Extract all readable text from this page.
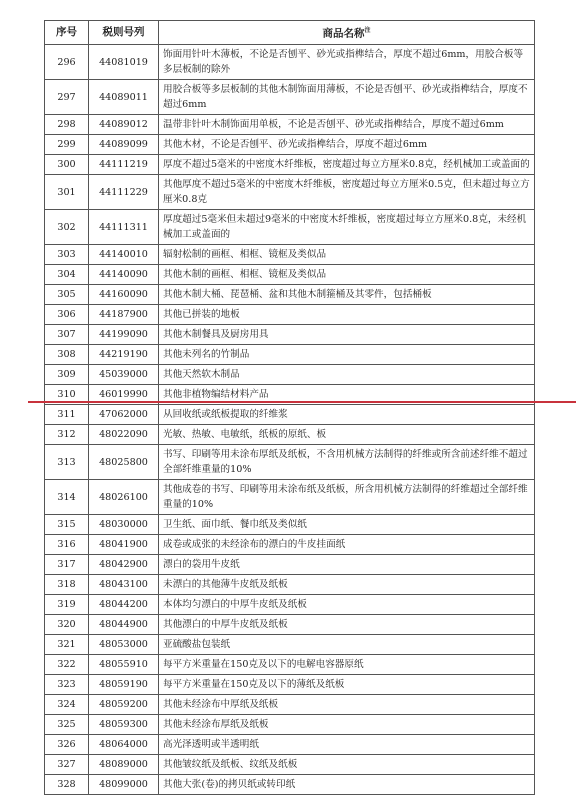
序号	税则号列	商品名称$^注$
296	44081019	饰面用针叶木薄板，不论是否刨平、砂光或指榫结合，厚度不超过6mm，用胶合板等多层板制的除外
297	44089011	用胶合板等多层板制的其他木制饰面用薄板，不论是否刨平、砂光或指榫结合，厚度不超过6mm
298	44089012	温带非针叶木制饰面用单板，不论是否刨平、砂光或指榫结合，厚度不超过6mm
299	44089099	其他木材，不论是否刨平、砂光或指榫结合，厚度不超过6mm
300	44111219	厚度不超过5毫米的中密度木纤维板，密度超过每立方厘米0.8克，经机械加工或盖面的
301	44111229	其他厚度不超过5毫米的中密度木纤维板，密度超过每立方厘米0.5克，但未超过每立方厘米0.8克
302	44111311	厚度超过5毫米但未超过9毫米的中密度木纤维板，密度超过每立方厘米0.8克，未经机械加工或盖面的
303	44140010	辐射松制的画框、相框、镜框及类似品
304	44140090	其他木制的画框、相框、镜框及类似品
305	44160090	其他木制大桶、琵琶桶、盆和其他木制箍桶及其零件，包括桶板
306	44187900	其他已拼装的地板
307	44199090	其他木制餐具及厨房用具
308	44219190	其他未列名的竹制品
309	45039000	其他天然软木制品
310	46019990	其他非植物编结材料产品
311	47062000	从回收纸或纸板提取的纤维浆
312	48022090	光敏、热敏、电敏纸，纸板的原纸、板
313	48025800	书写、印刷等用未涂布厚纸及纸板，不含用机械方法制得的纤维或所含前述纤维不超过全部纤维重量的10%
314	48026100	其他成卷的书写、印刷等用未涂布纸及纸板，所含用机械方法制得的纤维超过全部纤维重量的10%
315	48030000	卫生纸、面巾纸、餐巾纸及类似纸
316	48041900	成卷或成张的未经涂布的漂白的牛皮挂面纸
317	48042900	漂白的袋用牛皮纸
318	48043100	未漂白的其他薄牛皮纸及纸板
319	48044200	本体均匀漂白的中厚牛皮纸及纸板
320	48044900	其他漂白的中厚牛皮纸及纸板
321	48053000	亚硫酸盐包装纸
322	48055910	每平方米重量在150克及以下的电解电容器原纸
323	48059190	每平方米重量在150克及以下的薄纸及纸板
324	48059200	其他未经涂布中厚纸及纸板
325	48059300	其他未经涂布厚纸及纸板
326	48064000	高光泽透明或半透明纸
327	48089000	其他皱纹纸及纸板、纹纸及纸板
328	48099000	其他大张(卷)的拷贝纸或转印纸
